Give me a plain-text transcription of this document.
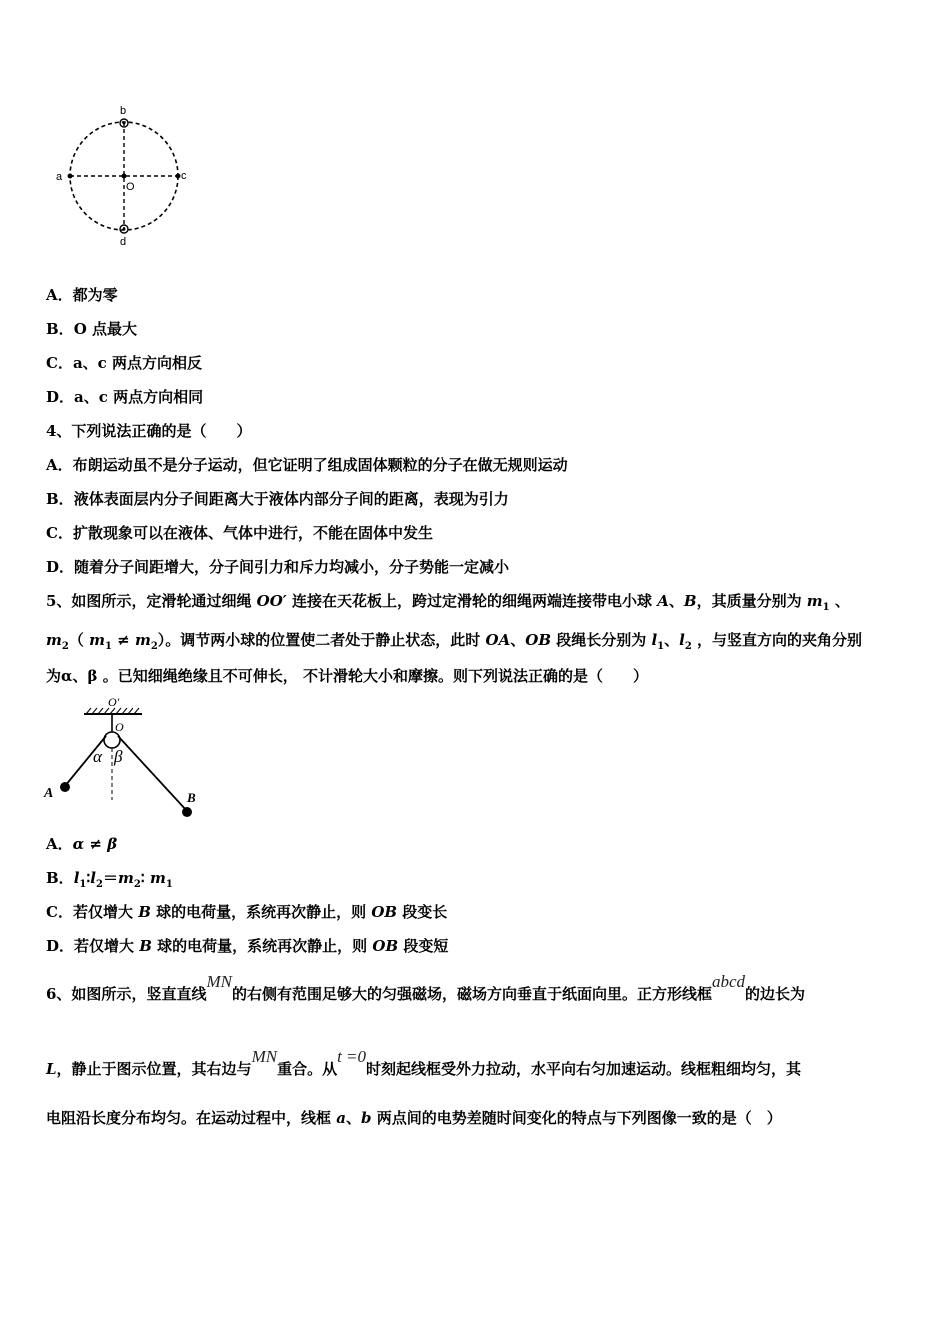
b
d
a	c
O
A．都为零
B．O 点最大
C．a、c 两点方向相反
D．a、c 两点方向相同
4、下列说法正确的是（　　）
A．布朗运动虽不是分子运动，但它证明了组成固体颗粒的分子在做无规则运动
B．液体表面层内分子间距离大于液体内部分子间的距离，表现为引力
C．扩散现象可以在液体、气体中进行，不能在固体中发生
D．随着分子间距增大，分子间引力和斥力均减小，分子势能一定减小
5、如图所示，定滑轮通过细绳 OO′ 连接在天花板上，跨过定滑轮的细绳两端连接带电小球 A、B，其质量分别为 $m_1$ 、
$m_2$（ $m_1 \ne m_2$）。调节两小球的位置使二者处于静止状态，此时 OA、OB 段绳长分别为 $l_1$、$l_2$ ，与竖直方向的夹角分别
为α、β 。已知细绳绝缘且不可伸长， 不计滑轮大小和摩擦。则下列说法正确的是（　　）
O′
O
α β
A	B
A．α ≠ β
B．$l_1∶l_2=m_2∶$ $m_1$
C．若仅增大 B 球的电荷量，系统再次静止，则 OB 段变长
D．若仅增大 B 球的电荷量，系统再次静止，则 OB 段变短
6、如图所示，竖直直线MN的右侧有范围足够大的匀强磁场，磁场方向垂直于纸面向里。正方形线框abcd的边长为
L，静止于图示位置，其右边与MN重合。从t =0时刻起线框受外力拉动，水平向右匀加速运动。线框粗细均匀，其
电阻沿长度分布均匀。在运动过程中，线框 a、b 两点间的电势差随时间变化的特点与下列图像一致的是（　）
